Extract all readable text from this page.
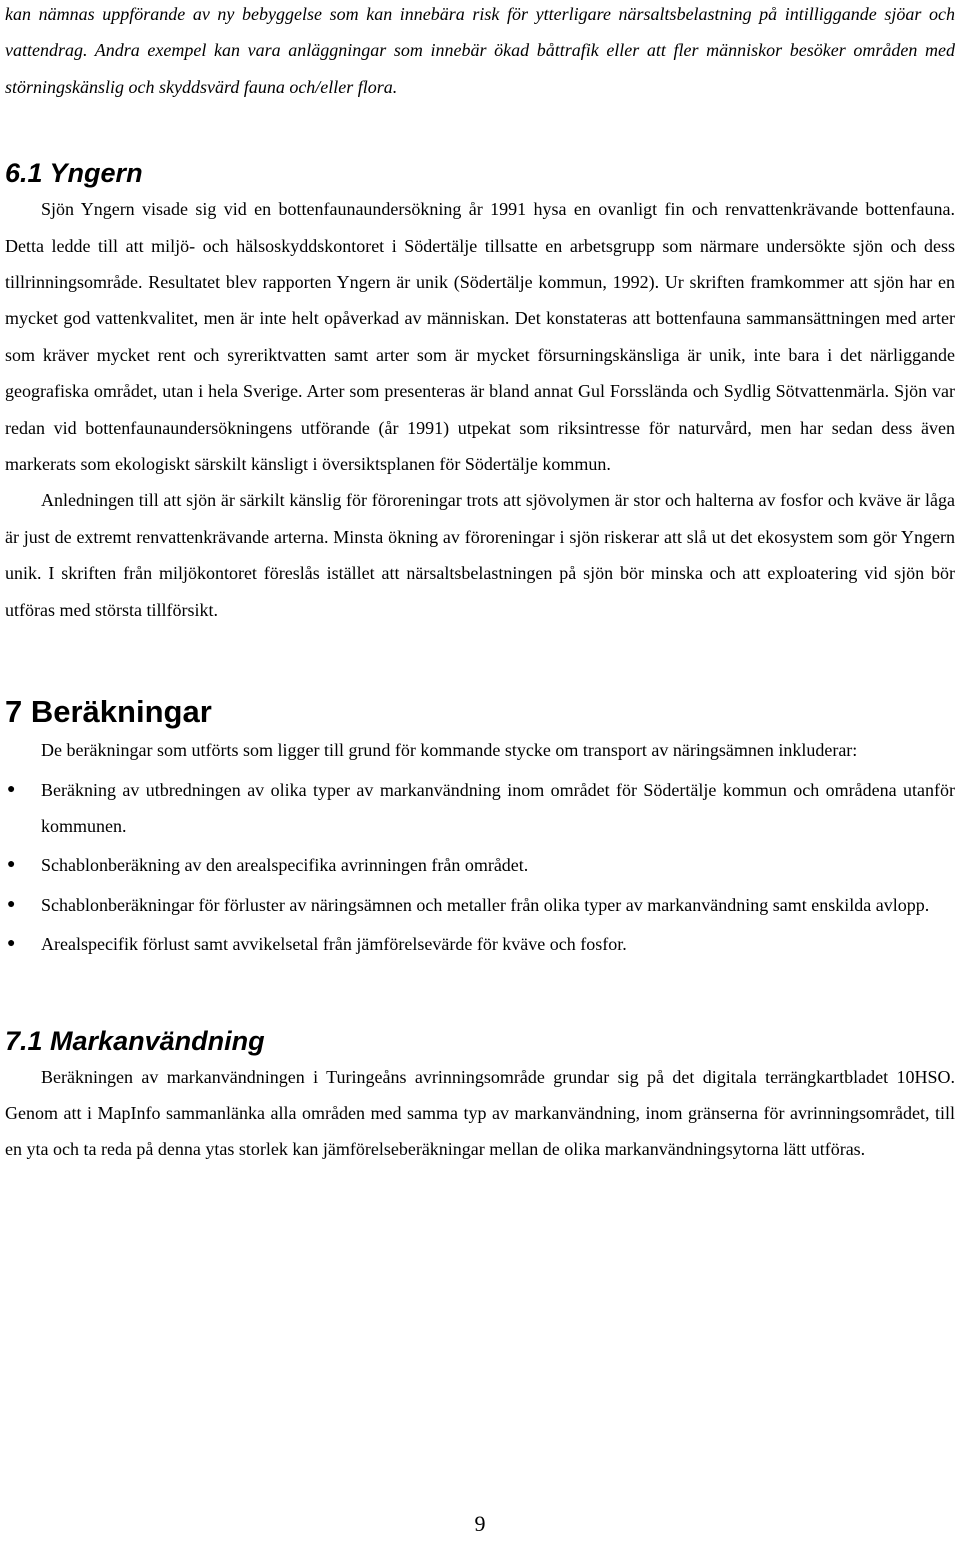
kan nämnas uppförande av ny bebyggelse som kan innebära risk för ytterligare närsaltsbelastning på intilliggande sjöar och vattendrag. Andra exempel kan vara anläggningar som innebär ökad båttrafik eller att fler människor besöker områden med störningskänslig och skyddsvärd fauna och/eller flora.

6.1 Yngern

Sjön Yngern visade sig vid en bottenfaunaundersökning år 1991 hysa en ovanligt fin och renvattenkrävande bottenfauna. Detta ledde till att miljö- och hälsoskyddskontoret i Södertälje tillsatte en arbetsgrupp som närmare undersökte sjön och dess tillrinningsområde. Resultatet blev rapporten Yngern är unik (Södertälje kommun, 1992). Ur skriften framkommer att sjön har en mycket god vattenkvalitet, men är inte helt opåverkad av människan. Det konstateras att bottenfauna sammansättningen med arter som kräver mycket rent och syreriktvatten samt arter som är mycket försurningskänsliga är unik, inte bara i det närliggande geografiska området, utan i hela Sverige. Arter som presenteras är bland annat Gul Forssländа och Sydlig Sötvattenmärla. Sjön var redan vid bottenfaunaundersökningens utförande (år 1991) utpekat som riksintresse för naturvård, men har sedan dess även markerats som ekologiskt särskilt känsligt i översiktsplanen för Södertälje kommun.

Anledningen till att sjön är särkilt känslig för föroreningar trots att sjövolymen är stor och halterna av fosfor och kväve är låga är just de extremt renvattenkrävande arterna. Minsta ökning av föroreningar i sjön riskerar att slå ut det ekosystem som gör Yngern unik. I skriften från miljökontoret föreslås istället att närsaltsbelastningen på sjön bör minska och att exploatering vid sjön bör utföras med största tillförsikt.

7 Beräkningar

De beräkningar som utförts som ligger till grund för kommande stycke om transport av näringsämnen inkluderar:

● Beräkning av utbredningen av olika typer av markanvändning inom området för Södertälje kommun och områdena utanför kommunen.
● Schablonberäkning av den arealspecifika avrinningen från området.
● Schablonberäkningar för förluster av näringsämnen och metaller från olika typer av markanvändning samt enskilda avlopp.
● Arealspecifik förlust samt avvikelsetal från jämförelsevärde för kväve och fosfor.
7.1 Markanvändning

Beräkningen av markanvändningen i Turingeåns avrinningsområde grundar sig på det digitala terrängkartbladet 10HSO. Genom att i MapInfo sammanlänka alla områden med samma typ av markanvändning, inom gränserna för avrinningsområdet, till en yta och ta reda på denna ytas storlek kan jämförelseberäkningar mellan de olika markanvändningsytorna lätt utföras.

9
